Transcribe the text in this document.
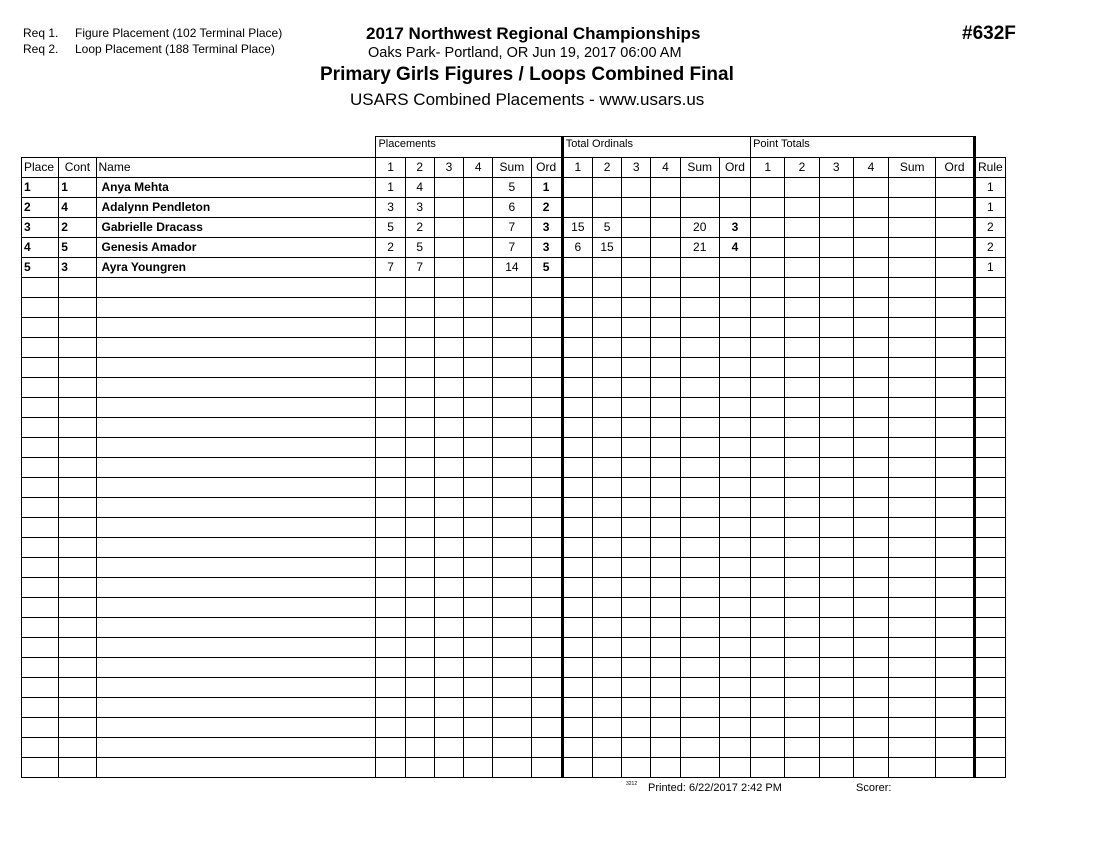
Req 1. Figure Placement (102 Terminal Place)
Req 2. Loop Placement (188 Terminal Place)
2017 Northwest Regional Championships
Oaks Park- Portland, OR Jun 19, 2017 06:00 AM
Primary Girls Figures / Loops Combined Final
USARS Combined Placements - www.usars.us
#632F
			Placements						Total Ordinals						Point Totals						
Place	Cont	Name	1	2	3	4	Sum	Ord	1	2	3	4	Sum	Ord	1	2	3	4	Sum	Ord	Rule
1	1	Anya Mehta	1	4			5	1													1
2	4	Adalynn Pendleton	3	3			6	2													1
3	2	Gabrielle Dracass	5	2			7	3	15	5			20	3							2
4	5	Genesis Amador	2	5			7	3	6	15			21	4							2
5	3	Ayra Youngren	7	7			14	5													1

3212 Printed: 6/22/2017 2:42 PM	Scorer:
